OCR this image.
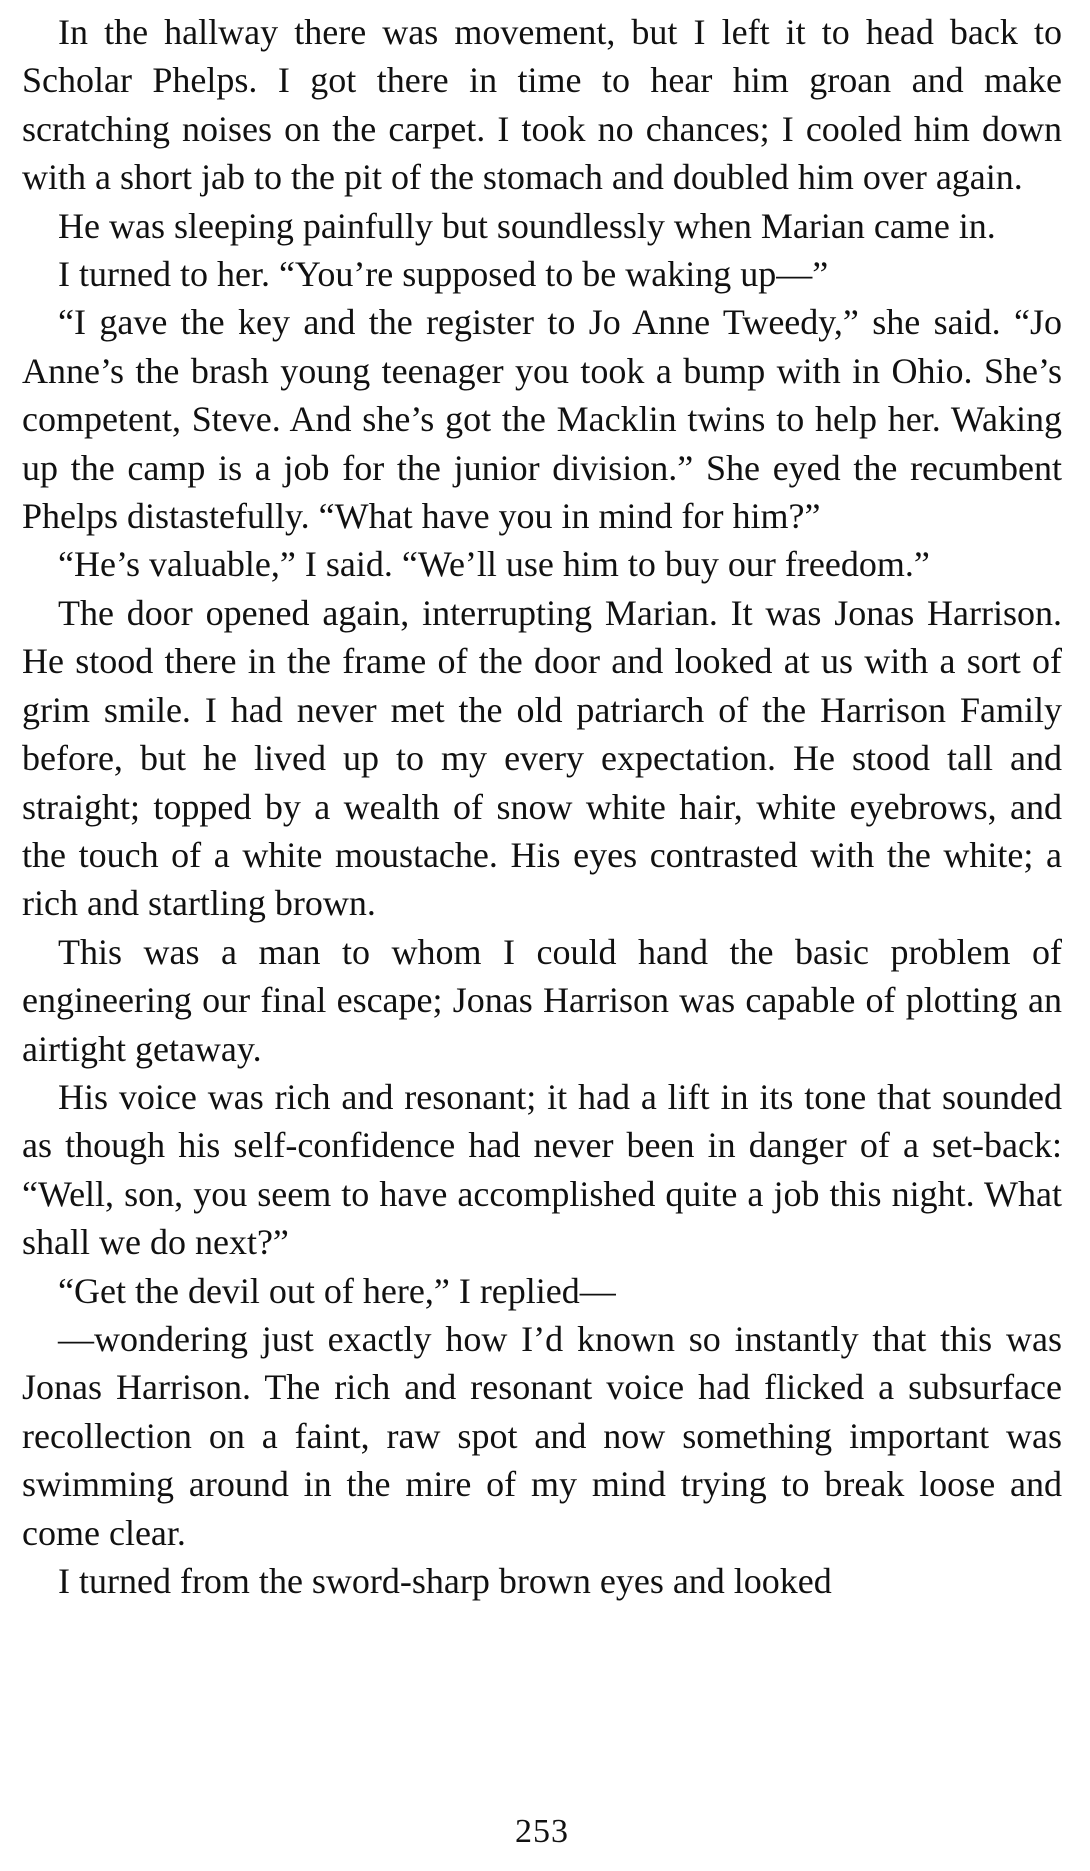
In the hallway there was movement, but I left it to head back to Scholar Phelps. I got there in time to hear him groan and make scratching noises on the carpet. I took no chances; I cooled him down with a short jab to the pit of the stomach and doubled him over again.

He was sleeping painfully but soundlessly when Marian came in.

I turned to her. “You’re supposed to be waking up—”

“I gave the key and the register to Jo Anne Tweedy,” she said. “Jo Anne’s the brash young teenager you took a bump with in Ohio. She’s competent, Steve. And she’s got the Macklin twins to help her. Waking up the camp is a job for the junior division.” She eyed the recumbent Phelps distastefully. “What have you in mind for him?”

“He’s valuable,” I said. “We’ll use him to buy our freedom.”

The door opened again, interrupting Marian. It was Jonas Harrison. He stood there in the frame of the door and looked at us with a sort of grim smile. I had never met the old patriarch of the Harrison Family before, but he lived up to my every expectation. He stood tall and straight; topped by a wealth of snow white hair, white eyebrows, and the touch of a white moustache. His eyes contrasted with the white; a rich and startling brown.

This was a man to whom I could hand the basic problem of engineering our final escape; Jonas Harrison was capable of plotting an airtight getaway.

His voice was rich and resonant; it had a lift in its tone that sounded as though his self-confidence had never been in danger of a set-back: “Well, son, you seem to have accomplished quite a job this night. What shall we do next?”

“Get the devil out of here,” I replied—

—wondering just exactly how I’d known so instantly that this was Jonas Harrison. The rich and resonant voice had flicked a subsurface recollection on a faint, raw spot and now something important was swimming around in the mire of my mind trying to break loose and come clear.

I turned from the sword-sharp brown eyes and looked

253
